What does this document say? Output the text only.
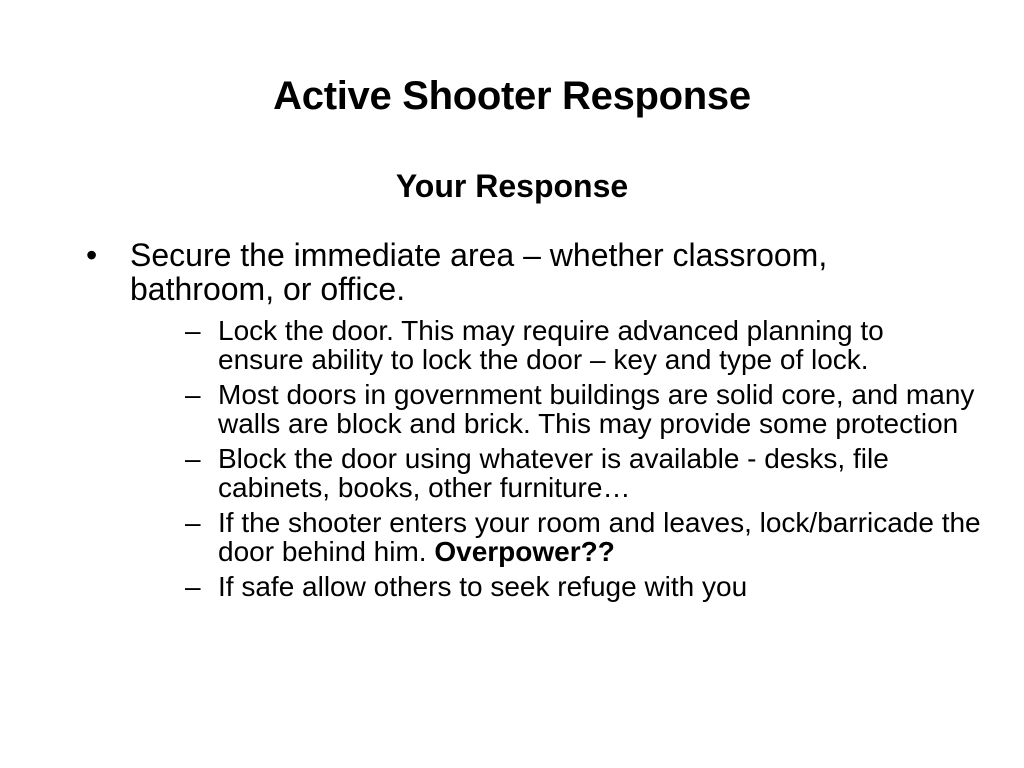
Active Shooter Response
Your Response
• Secure the immediate area – whether classroom, bathroom, or office.
– Lock the door. This may require advanced planning to ensure ability to lock the door – key and type of lock.
– Most doors in government buildings are solid core, and many walls are block and brick. This may provide some protection
– Block the door using whatever is available - desks, file cabinets, books, other furniture…
– If the shooter enters your room and leaves, lock/barricade the door behind him. Overpower??
– If safe allow others to seek refuge with you
